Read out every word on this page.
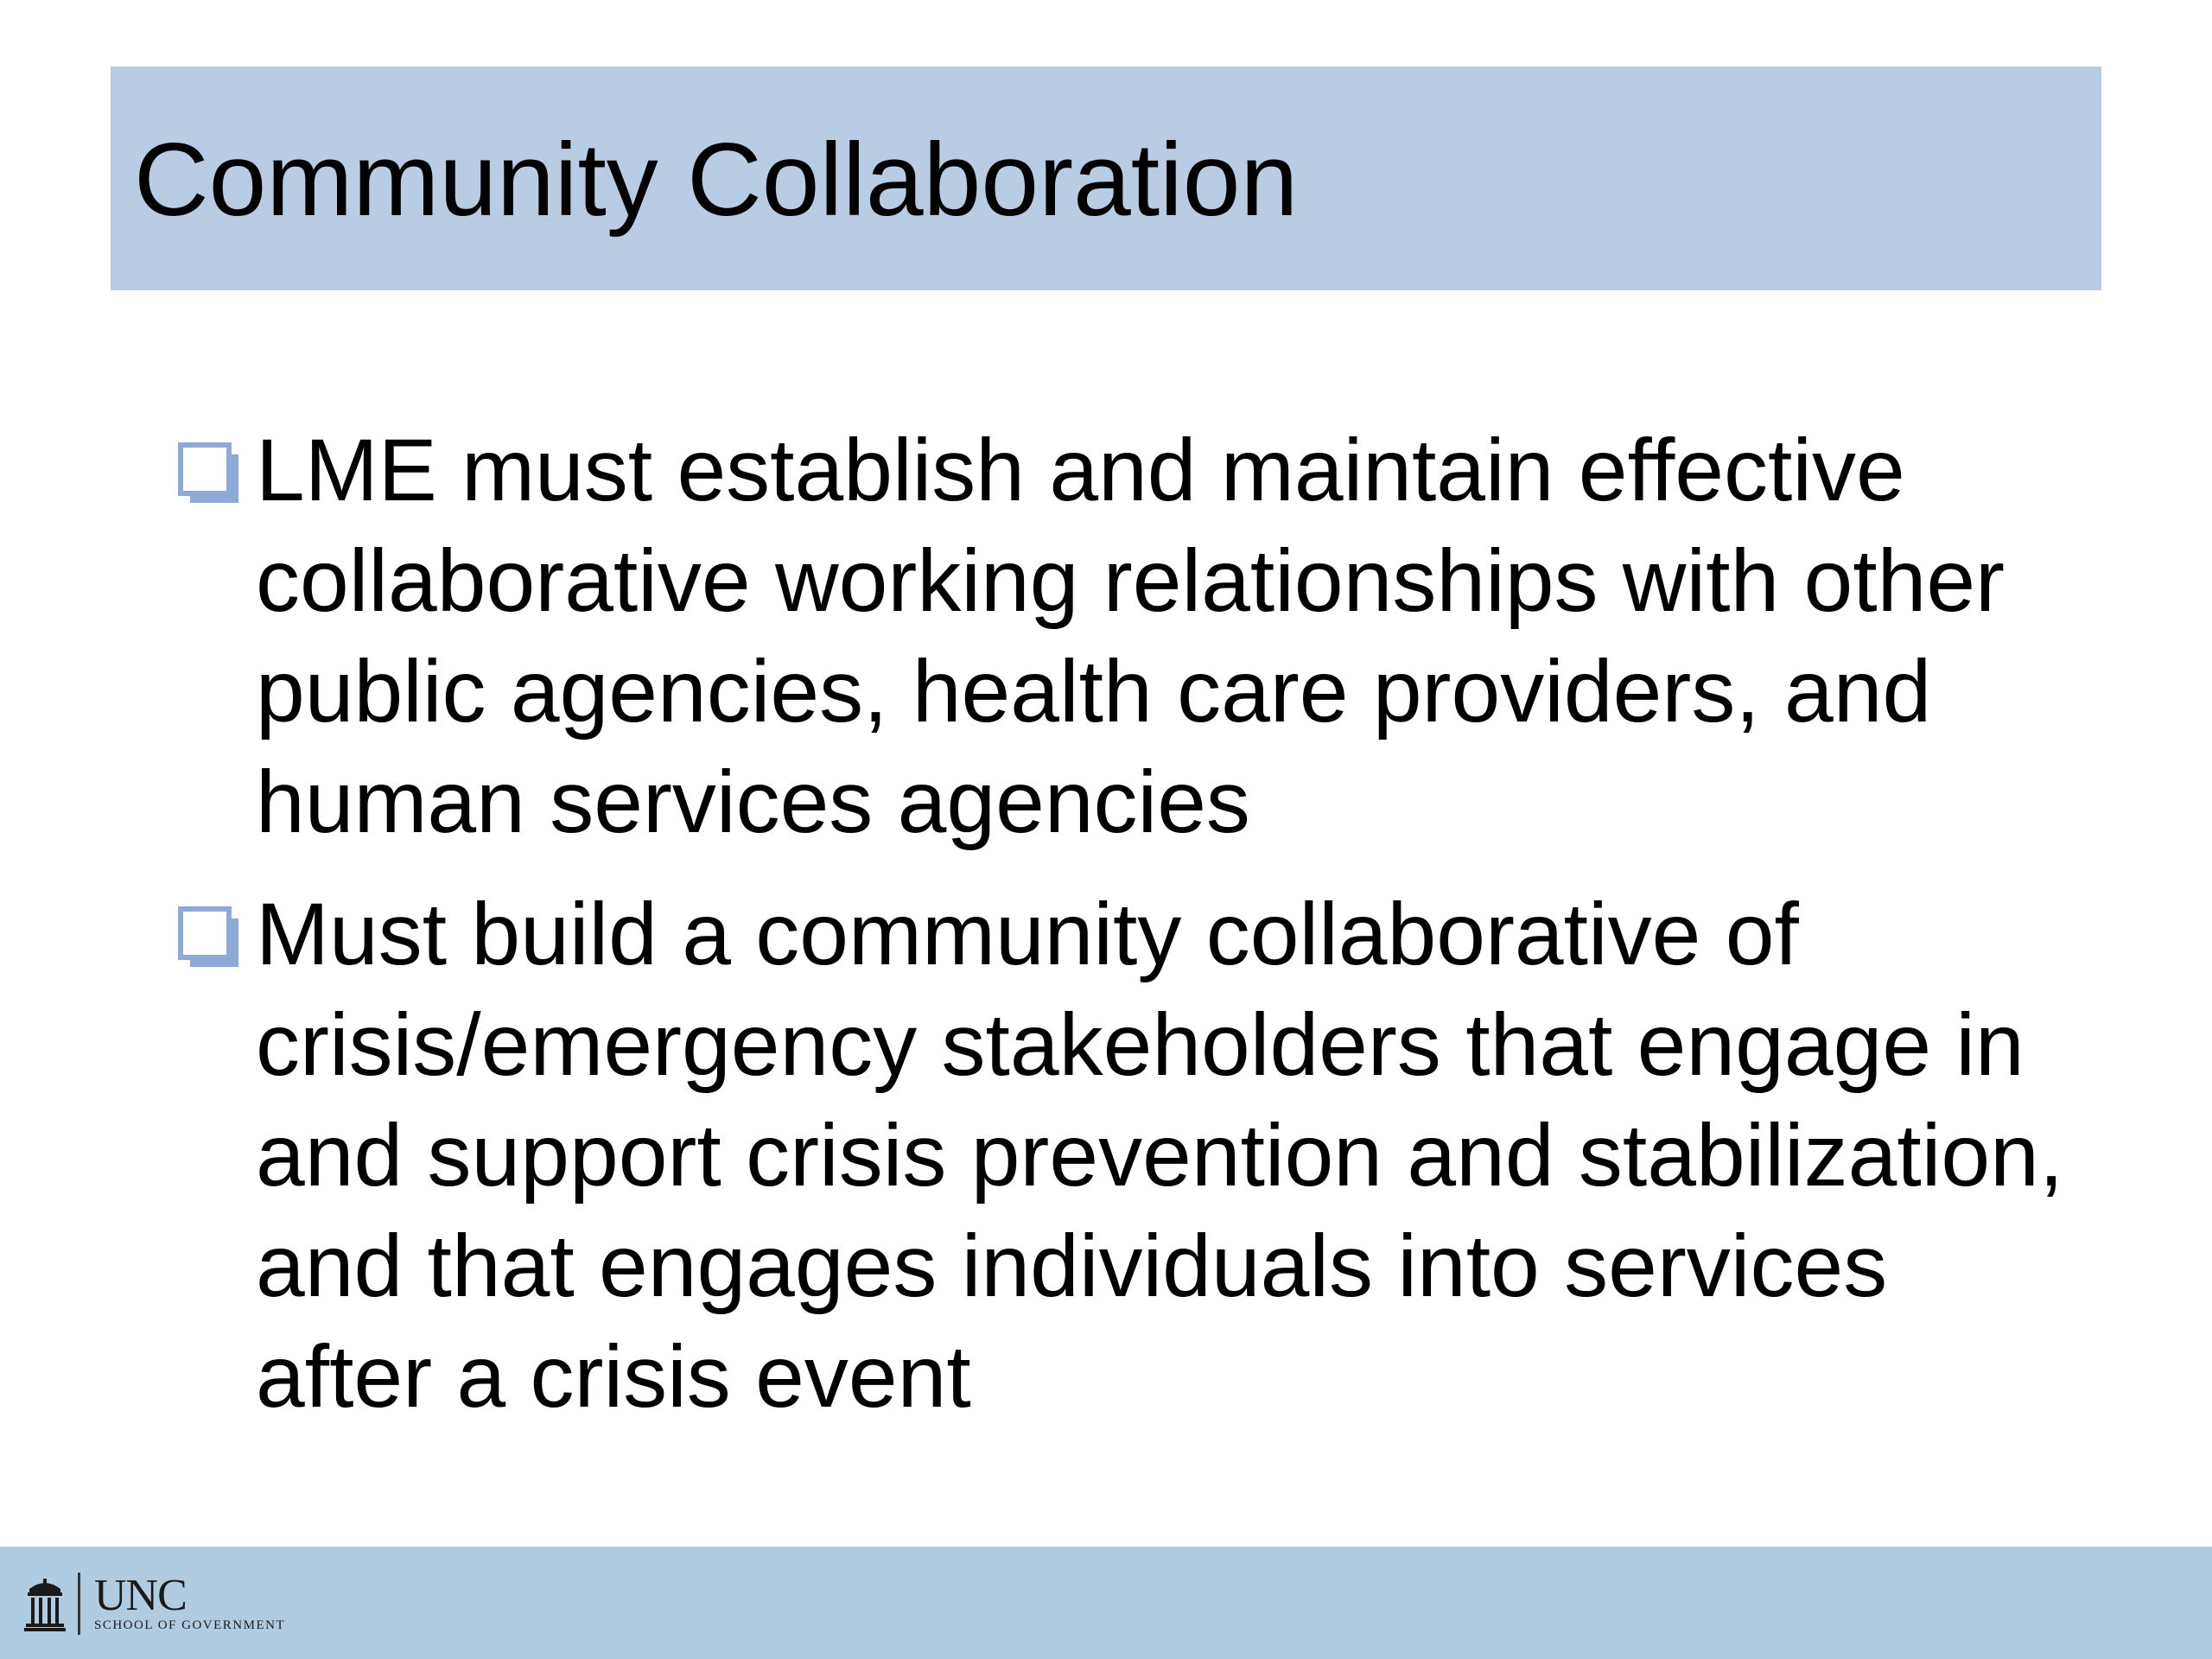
Community Collaboration
LME must establish and maintain effective collaborative working relationships with other public agencies, health care providers, and human services agencies
Must build a community collaborative of crisis/emergency stakeholders that engage in and support crisis prevention and stabilization, and that engages individuals into services after a crisis event
UNC
SCHOOL OF GOVERNMENT
